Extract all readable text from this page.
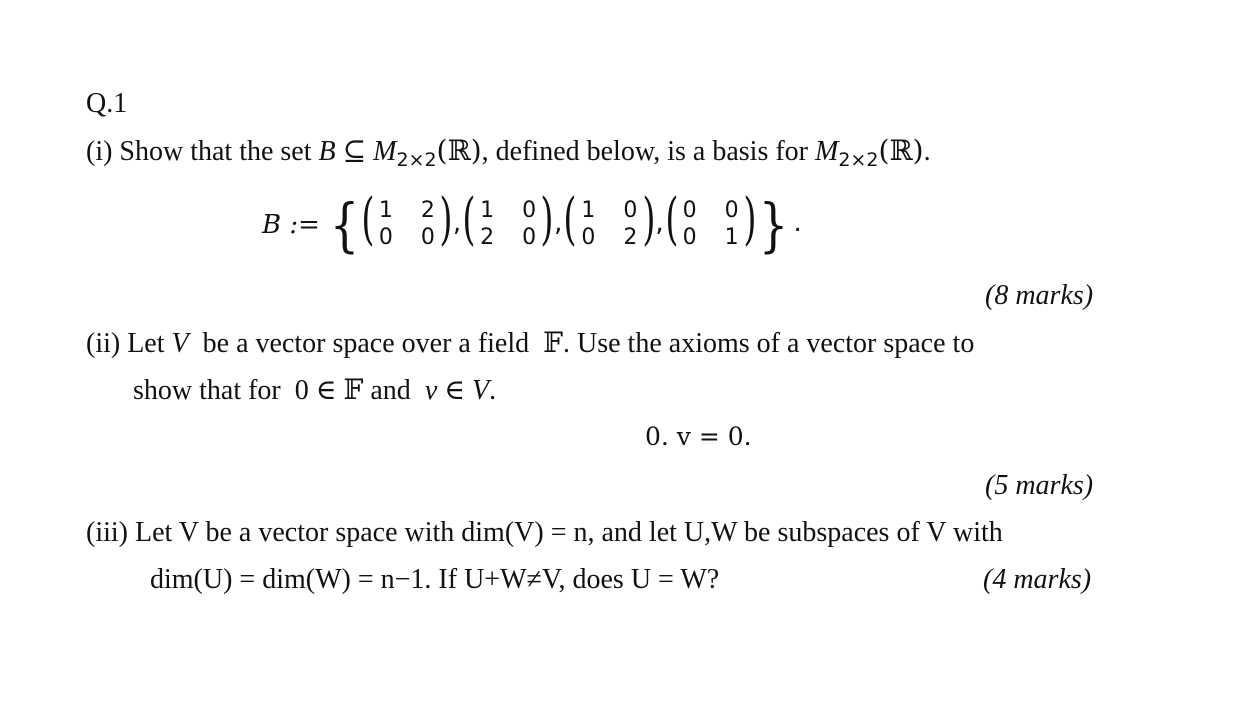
Q.1
(i) Show that the set B ⊆ $M_{2\times 2}(ℝ)$, defined below, is a basis for $M_{2\times 2}(ℝ)$.
B := { ( )
1 2
0 0 , ( )
1 0
2 0 , ( )
1 0
0 2 , ( )
0 0
0 1 } .
(8 marks)
(ii) Let V  be a vector space over a field  𝔽. Use the axioms of a vector space to
show that for  0 ∈ 𝔽 and  v ∈ V.
0. v = 0.
(5 marks)
(iii) Let V be a vector space with dim(V) = n, and let U,W be subspaces of V with
dim(U) = dim(W) = n−1. If U+W≠V, does U = W?	(4 marks)
